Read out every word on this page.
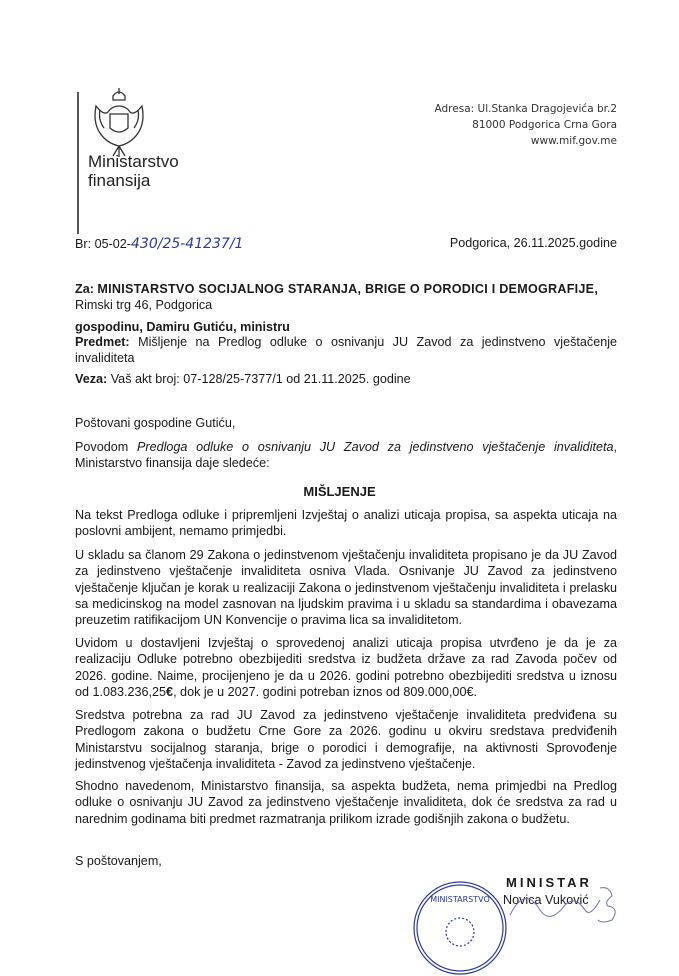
Ministarstvo
finansija
Adresa: Ul.Stanka Dragojevića br.2
81000 Podgorica Crna Gora
www.mif.gov.me
Br: 05-02-430/25-41237/1	Podgorica, 26.11.2025.godine
Za: MINISTARSTVO SOCIJALNOG STARANJA, BRIGE O PORODICI I DEMOGRAFIJE,
Rimski trg 46, Podgorica
gospodinu, Damiru Gutiću, ministru
Predmet: Mišljenje na Predlog odluke o osnivanju JU Zavod za jedinstveno vještačenje invaliditeta
Veza: Vaš akt broj: 07-128/25-7377/1 od 21.11.2025. godine
Poštovani gospodine Gutiću,
Povodom Predloga odluke o osnivanju JU Zavod za jedinstveno vještačenje invaliditeta, Ministarstvo finansija daje sledeće:
MIŠLJENJE
Na tekst Predloga odluke i pripremljeni Izvještaj o analizi uticaja propisa, sa aspekta uticaja na poslovni ambijent, nemamo primjedbi.
U skladu sa članom 29 Zakona o jedinstvenom vještačenju invaliditeta propisano je da JU Zavod za jedinstveno vještačenje invaliditeta osniva Vlada. Osnivanje JU Zavod za jedinstveno vještačenje ključan je korak u realizaciji Zakona o jedinstvenom vještačenju invaliditeta i prelasku sa medicinskog na model zasnovan na ljudskim pravima i u skladu sa standardima i obavezama preuzetim ratifikacijom UN Konvencije o pravima lica sa invaliditetom.
Uvidom u dostavljeni Izvještaj o sprovedenoj analizi uticaja propisa utvrđeno je da je za realizaciju Odluke potrebno obezbijediti sredstva iz budžeta države za rad Zavoda počev od 2026. godine. Naime, procijenjeno je da u 2026. godini potrebno obezbijediti sredstva u iznosu od 1.083.236,25€, dok je u 2027. godini potreban iznos od 809.000,00€.
Sredstva potrebna za rad JU Zavod za jedinstveno vještačenje invaliditeta predviđena su Predlogom zakona o budžetu Crne Gore za 2026. godinu u okviru sredstava predviđenih Ministarstvu socijalnog staranja, brige o porodici i demografije, na aktivnosti Sprovođenje jedinstvenog vještačenja invaliditeta - Zavod za jedinstveno vještačenje.
Shodno navedenom, Ministarstvo finansija, sa aspekta budžeta, nema primjedbi na Predlog odluke o osnivanju JU Zavod za jedinstveno vještačenje invaliditeta, dok će sredstva za rad u narednim godinama biti predmet razmatranja prilikom izrade godišnjih zakona o budžetu.
S poštovanjem,
MINISTARSTVO
MINISTAR
Novica Vuković
